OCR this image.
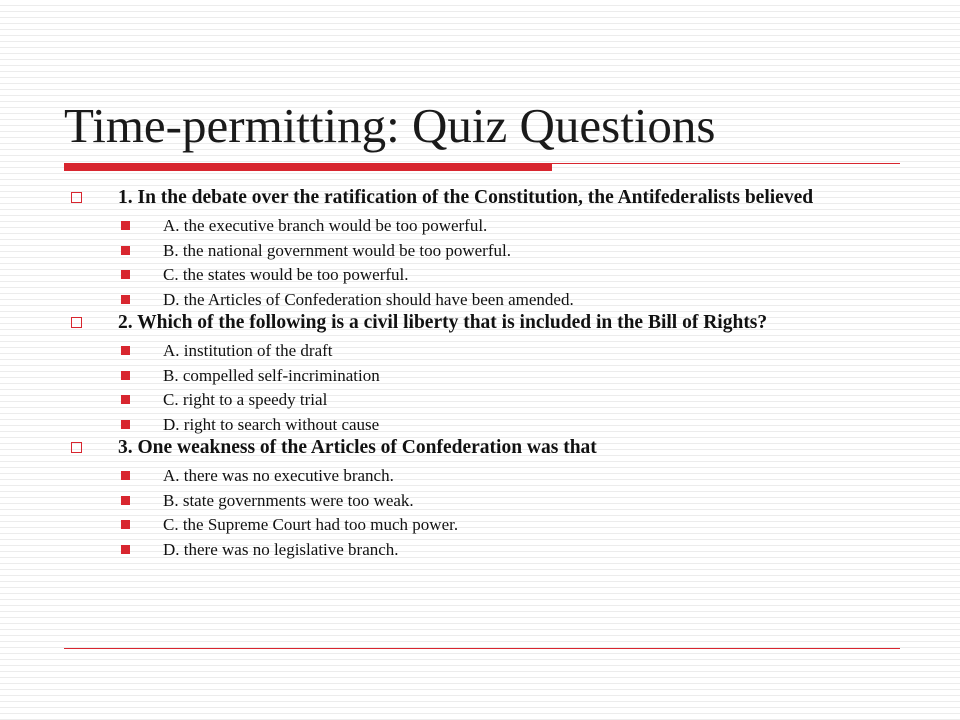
Time-permitting: Quiz Questions
1. In the debate over the ratification of the Constitution, the Antifederalists believed
A. the executive branch would be too powerful.
B. the national government would be too powerful.
C. the states would be too powerful.
D. the Articles of Confederation should have been amended.
2. Which of the following is a civil liberty that is included in the Bill of Rights?
A. institution of the draft
B. compelled self-incrimination
C. right to a speedy trial
D. right to search without cause
3. One weakness of the Articles of Confederation was that
A. there was no executive branch.
B. state governments were too weak.
C. the Supreme Court had too much power.
D. there was no legislative branch.
